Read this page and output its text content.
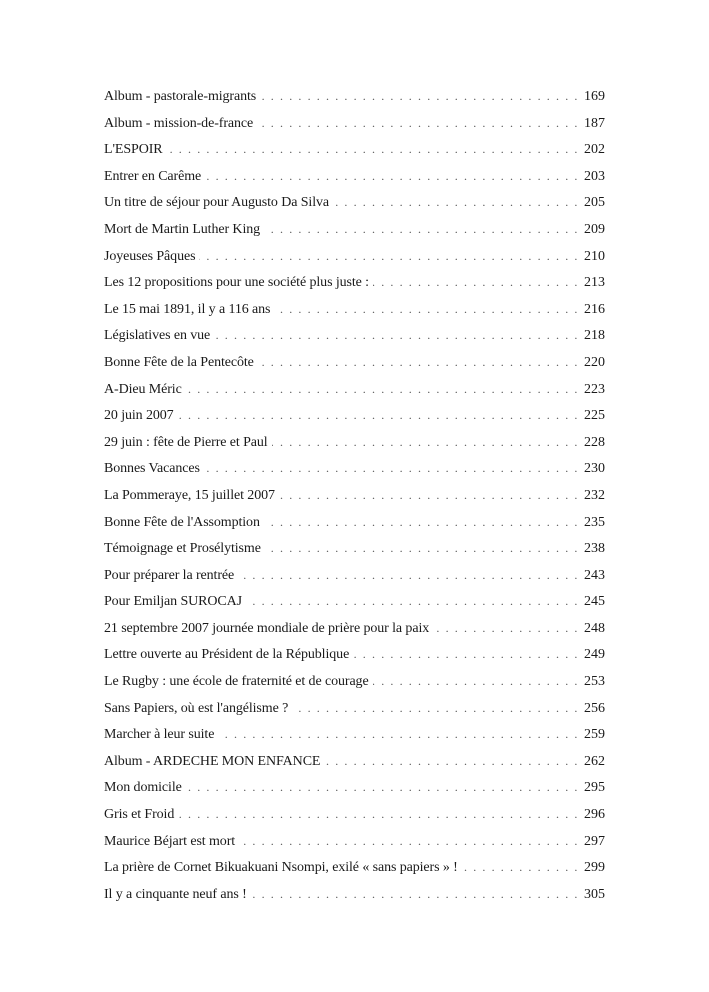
Album - pastorale-migrants . . .	169
Album - mission-de-france . . .	187
L'ESPOIR . . .	202
Entrer en Carême . . .	203
Un titre de séjour pour Augusto Da Silva . . .	205
Mort de Martin Luther King . . .	209
Joyeuses Pâques . . .	210
Les 12 propositions pour une société plus juste : . . .	213
Le 15 mai 1891, il y a 116 ans . . .	216
Législatives en vue . . .	218
Bonne Fête de la Pentecôte . . .	220
A-Dieu Méric . . .	223
20 juin 2007 . . .	225
29 juin : fête de Pierre et Paul . . .	228
Bonnes Vacances . . .	230
La Pommeraye, 15 juillet 2007 . . .	232
Bonne Fête de l'Assomption . . .	235
Témoignage et Prosélytisme . . .	238
Pour préparer la rentrée . . .	243
Pour Emiljan SUROCAJ . . .	245
21 septembre 2007 journée mondiale de prière pour la paix . . .	248
Lettre ouverte au Président de la République . . .	249
Le Rugby : une école de fraternité et de courage . . .	253
Sans Papiers, où est l'angélisme ? . . .	256
Marcher à leur suite . . .	259
Album - ARDECHE MON ENFANCE . . .	262
Mon domicile . . .	295
Gris et Froid . . .	296
Maurice Béjart est mort . . .	297
La prière de Cornet Bikuakuani Nsompi, exilé « sans papiers » ! . . .	299
Il y a cinquante neuf ans ! . . .	305
